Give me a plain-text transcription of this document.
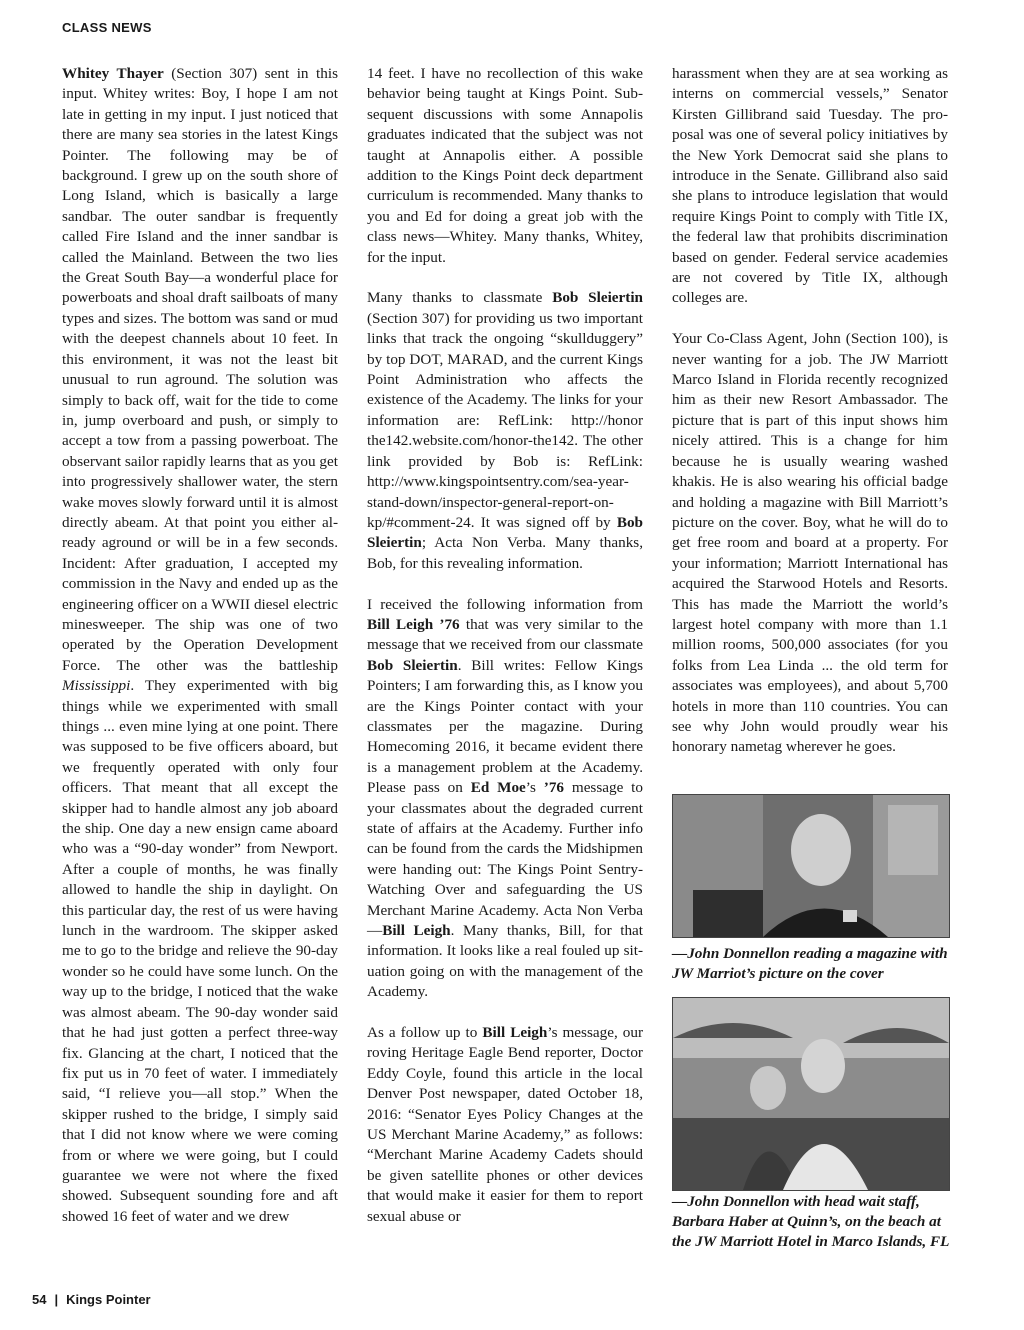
CLASS NEWS

Whitey Thayer (Section 307) sent in this input. Whitey writes: Boy, I hope I am not late in getting in my input. I just noticed that there are many sea stories in the latest Kings Pointer. The following may be of background. I grew up on the south shore of Long Island, which is basically a large sandbar. The outer sandbar is frequently called Fire Island and the inner sandbar is called the Mainland. Between the two lies the Great South Bay—a wonderful place for powerboats and shoal draft sailboats of many types and sizes. The bottom was sand or mud with the deepest channels about 10 feet. In this environment, it was not the least bit unusual to run aground. The solution was simply to back off, wait for the tide to come in, jump overboard and push, or simply to accept a tow from a passing powerboat. The observant sailor rapidly learns that as you get into progressively shallower water, the stern wake moves slowly forward until it is almost directly abeam. At that point you either already aground or will be in a few seconds. Incident: After graduation, I accepted my commission in the Navy and ended up as the engineering officer on a WWII diesel electric minesweeper. The ship was one of two operated by the Operation Development Force. The other was the battleship Mississippi. They experimented with big things while we experimented with small things ... even mine lying at one point. There was supposed to be five officers aboard, but we frequently operated with only four officers. That meant that all except the skipper had to handle almost any job aboard the ship. One day a new ensign came aboard who was a “90-day wonder” from Newport. After a couple of months, he was finally allowed to handle the ship in daylight. On this particular day, the rest of us were having lunch in the wardroom. The skipper asked me to go to the bridge and relieve the 90-day wonder so he could have some lunch. On the way up to the bridge, I noticed that the wake was almost abeam. The 90-day wonder said that he had just gotten a perfect three-way fix. Glancing at the chart, I noticed that the fix put us in 70 feet of water. I immediately said, “I relieve you—all stop.” When the skipper rushed to the bridge, I simply said that I did not know where we were coming from or where we were going, but I could guarantee we were not where the fixed showed. Subsequent sounding fore and aft showed 16 feet of water and we drew

14 feet. I have no recollection of this wake behavior being taught at Kings Point. Subsequent discussions with some Annapolis graduates indicated that the subject was not taught at Annapolis either. A possible addition to the Kings Point deck department curriculum is recommended. Many thanks to you and Ed for doing a great job with the class news—Whitey. Many thanks, Whitey, for the input.

Many thanks to classmate Bob Sleiertin (Section 307) for providing us two important links that track the ongoing “skullduggery” by top DOT, MARAD, and the current Kings Point Administration who affects the existence of the Academy. The links for your information are: RefLink: http://honor the142.website.com/honor-the142. The other link provided by Bob is: RefLink: http://www.kingspointsentry.com/sea-year-stand-down/inspector-general-report-on-kp/#comment-24. It was signed off by Bob Sleiertin; Acta Non Verba. Many thanks, Bob, for this revealing information.

I received the following information from Bill Leigh ’76 that was very similar to the message that we received from our classmate Bob Sleiertin. Bill writes: Fellow Kings Pointers; I am forwarding this, as I know you are the Kings Pointer contact with your classmates per the magazine. During Homecoming 2016, it became evident there is a management problem at the Academy. Please pass on Ed Moe’s ’76 message to your classmates about the degraded current state of affairs at the Academy. Further info can be found from the cards the Midshipmen were handing out: The Kings Point Sentry-Watching Over and safeguarding the US Merchant Marine Academy. Acta Non Verba—Bill Leigh. Many thanks, Bill, for that information. It looks like a real fouled up situation going on with the management of the Academy.

As a follow up to Bill Leigh’s message, our roving Heritage Eagle Bend reporter, Doctor Eddy Coyle, found this article in the local Denver Post newspaper, dated October 18, 2016: “Senator Eyes Policy Changes at the US Merchant Marine Academy,” as follows: “Merchant Marine Academy Cadets should be given satellite phones or other devices that would make it easier for them to report sexual abuse or

harassment when they are at sea working as interns on commercial vessels,” Senator Kirsten Gillibrand said Tuesday. The proposal was one of several policy initiatives by the New York Democrat said she plans to introduce in the Senate. Gillibrand also said she plans to introduce legislation that would require Kings Point to comply with Title IX, the federal law that prohibits discrimination based on gender. Federal service academies are not covered by Title IX, although colleges are.

Your Co-Class Agent, John (Section 100), is never wanting for a job. The JW Marriott Marco Island in Florida recently recognized him as their new Resort Ambassador. The picture that is part of this input shows him nicely attired. This is a change for him because he is usually wearing washed khakis. He is also wearing his official badge and holding a magazine with Bill Marriott’s picture on the cover. Boy, what he will do to get free room and board at a property. For your information; Marriott International has acquired the Starwood Hotels and Resorts. This has made the Marriott the world’s largest hotel company with more than 1.1 million rooms, 500,000 associates (for you folks from Lea Linda ... the old term for associates was employees), and about 5,700 hotels in more than 110 countries. You can see why John would proudly wear his honorary nametag wherever he goes.

—John Donnellon reading a magazine with JW Marriot’s picture on the cover
—John Donnellon with head wait staff, Barbara Haber at Quinn’s, on the beach at the JW Marriott Hotel in Marco Islands, FL
54 | Kings Pointer
